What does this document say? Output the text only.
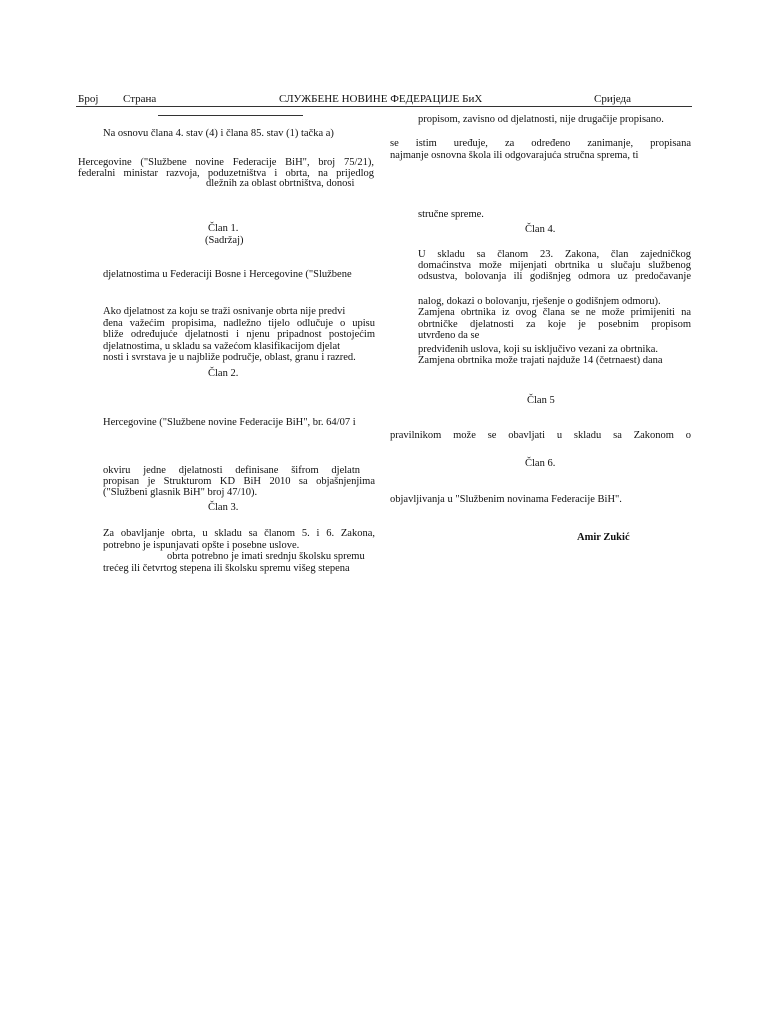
Број Страна	СЛУЖБЕНЕ НОВИНЕ ФЕДЕРАЦИЈЕ БиХ	Сриједа
Na osnovu člana 4. stav (4) i člana 85. stav (1) tačka a)
Hercegovine ("Službene novine Federacije BiH", broj 75/21),
federalni ministar razvoja, poduzetništva i obrta, na prijedlog
dlеžnih za oblast obrtništva, donosi
Član 1.
(Sadržaj)
djelatnostima u Federaciji Bosne i Hercegovine ("Službene
Ako djelatnost za koju se traži osnivanje obrta nije predvi
đena važećim propisima, nadležno tijelo odlučuje o upisu
bliže određujuće djelatnosti i njenu pripadnost postojećim
djelatnostima, u skladu sa važećom klasifikacijom djelat
nosti i svrstava je u najbliže područje, oblast, granu i razred.
Član 2.
Hercegovine ("Službene novine Federacije BiH", br. 64/07 i
okviru jedne djelatnosti definisane šifrom djelatn
propisan je Strukturom KD BiH 2010 sa objašnjenjima
("Službeni glasnik BiH" broj 47/10).
Član 3.
Za obavljanje obrta, u skladu sa članom 5. i 6. Zakona,
potrebno je ispunjavati opšte i posebne uslove.
obrta potrebno je imati srednju školsku spremu
trećeg ili četvrtog stepena ili školsku spremu višeg stepena
propisom, zavisno od djelatnosti, nije drugačije propisano.
se istim uređuje, za određeno zanimanje, propisana
najmanje osnovna škola ili odgovarajuća stručna sprema, ti
stručne spreme.
Član 4.
U skladu sa članom 23. Zakona, član zajedničkog
domaćinstva može mijenjati obrtnika u slučaju službenog
odsustva, bolovanja ili godišnjeg odmora uz predočavanje
nalog, dokazi o bolovanju, rješenje o godišnjem odmoru).
Zamjena obrtnika iz ovog člana se ne može primijeniti na
obrtničke djelatnosti za koje je posebnim propisom
utvrđeno da se
predviđenih uslova, koji su isključivo vezani za obrtnika.
Zamjena obrtnika može trajati najduže 14 (četrnaest) dana
Član 5
pravilnikom može se obavljati u skladu sa Zakonom o
Član 6.
objavljivanja u "Službenim novinama Federacije BiH".
Amir Zukić
